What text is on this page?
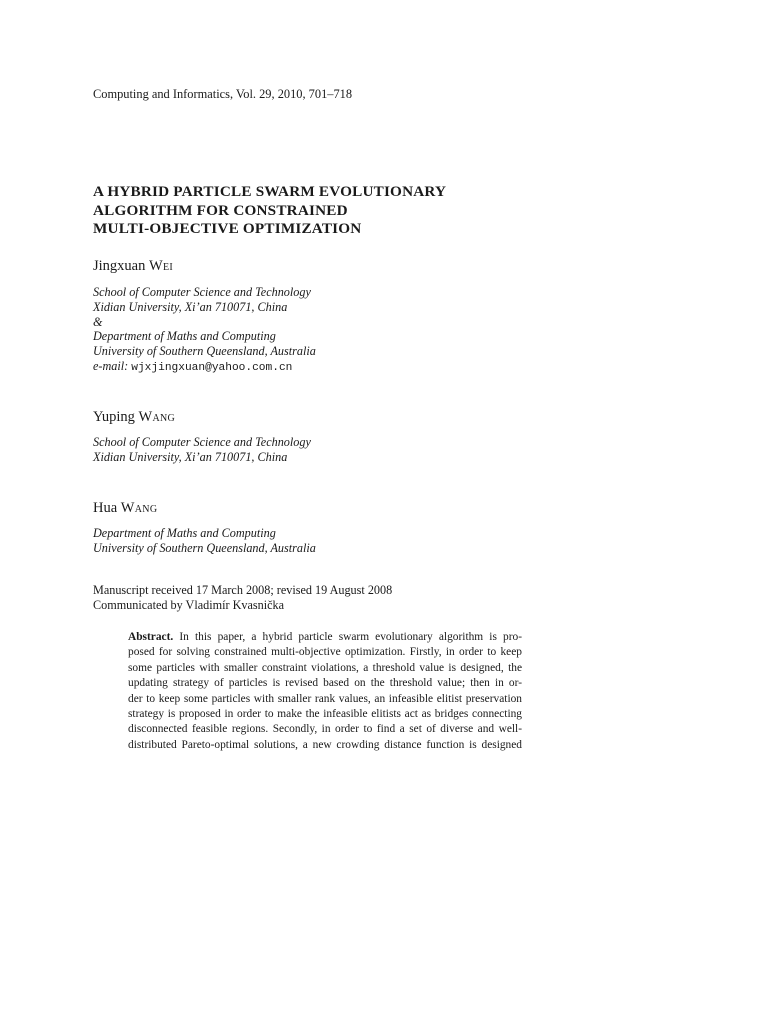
Computing and Informatics, Vol. 29, 2010, 701–718
A HYBRID PARTICLE SWARM EVOLUTIONARY
ALGORITHM FOR CONSTRAINED
MULTI-OBJECTIVE OPTIMIZATION
Jingxuan Wei
School of Computer Science and Technology
Xidian University, Xi’an 710071, China
&
Department of Maths and Computing
University of Southern Queensland, Australia
e-mail: wjxjingxuan@yahoo.com.cn
Yuping Wang
School of Computer Science and Technology
Xidian University, Xi’an 710071, China
Hua Wang
Department of Maths and Computing
University of Southern Queensland, Australia
Manuscript received 17 March 2008; revised 19 August 2008
Communicated by Vladimír Kvasnička
Abstract. In this paper, a hybrid particle swarm evolutionary algorithm is pro-
posed for solving constrained multi-objective optimization. Firstly, in order to keep
some particles with smaller constraint violations, a threshold value is designed, the
updating strategy of particles is revised based on the threshold value; then in or-
der to keep some particles with smaller rank values, an infeasible elitist preservation
strategy is proposed in order to make the infeasible elitists act as bridges connecting
disconnected feasible regions. Secondly, in order to find a set of diverse and well-
distributed Pareto-optimal solutions, a new crowding distance function is designed
